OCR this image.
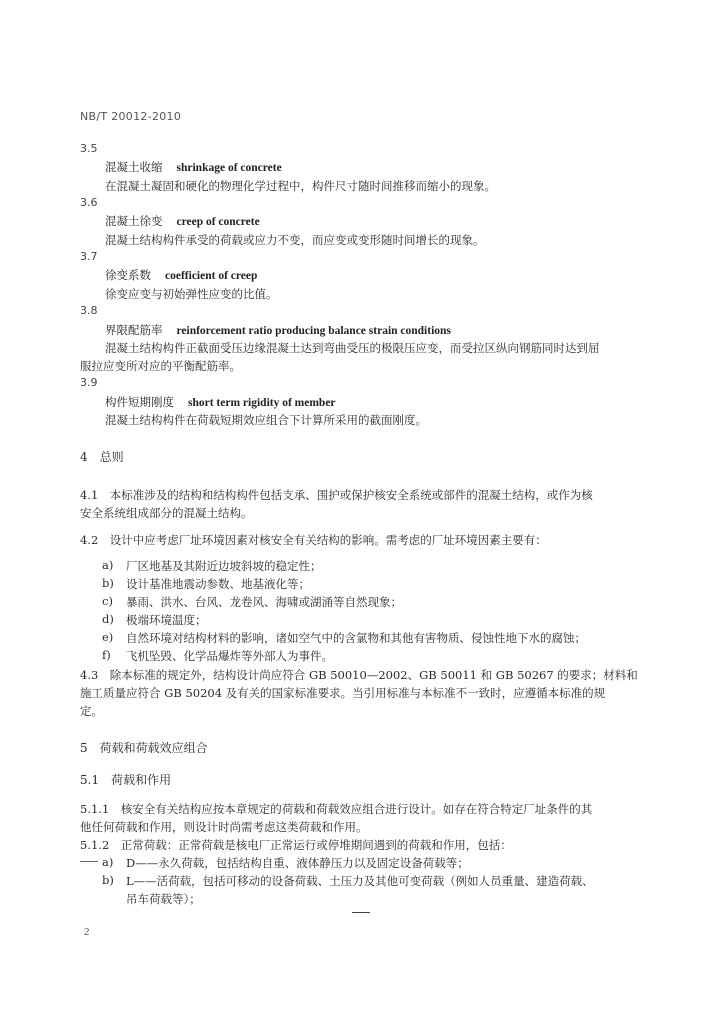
NB/T 20012-2010
3.5
混凝土收缩 shrinkage of concrete
在混凝土凝固和硬化的物理化学过程中，构件尺寸随时间推移而缩小的现象。
3.6
混凝土徐变 creep of concrete
混凝土结构构件承受的荷载或应力不变，而应变或变形随时间增长的现象。
3.7
徐变系数 coefficient of creep
徐变应变与初始弹性应变的比值。
3.8
界限配筋率 reinforcement ratio producing balance strain conditions
混凝土结构构件正截面受压边缘混凝土达到弯曲受压的极限压应变，而受拉区纵向钢筋同时达到屈
服拉应变所对应的平衡配筋率。
3.9
构件短期刚度 short term rigidity of member
混凝土结构构件在荷载短期效应组合下计算所采用的截面刚度。
4　总则
4.1　本标准涉及的结构和结构构件包括支承、围护或保护核安全系统或部件的混凝土结构，或作为核
安全系统组成部分的混凝土结构。
4.2　设计中应考虑厂址环境因素对核安全有关结构的影响。需考虑的厂址环境因素主要有：
a) 厂区地基及其附近边坡斜坡的稳定性；
b) 设计基准地震动参数、地基液化等；
c) 暴雨、洪水、台风、龙卷风、海啸或湖涌等自然现象；
d) 极端环境温度；
e) 自然环境对结构材料的影响，诸如空气中的含氯物和其他有害物质、侵蚀性地下水的腐蚀；
f) 飞机坠毁、化学品爆炸等外部人为事件。
4.3　除本标准的规定外，结构设计尚应符合 GB 50010—2002、GB 50011 和 GB 50267 的要求；材料和
施工质量应符合 GB 50204 及有关的国家标准要求。当引用标准与本标准不一致时，应遵循本标准的规
定。
5　荷载和荷载效应组合
5.1　荷载和作用
5.1.1　核安全有关结构应按本章规定的荷载和荷载效应组合进行设计。如存在符合特定厂址条件的其
他任何荷载和作用，则设计时尚需考虑这类荷载和作用。
5.1.2　正常荷载：正常荷载是核电厂正常运行或停堆期间遇到的荷载和作用，包括：
a) D——永久荷载，包括结构自重、液体静压力以及固定设备荷载等；
b) L——活荷载，包括可移动的设备荷载、土压力及其他可变荷载（例如人员重量、建造荷载、
吊车荷载等）；
2
